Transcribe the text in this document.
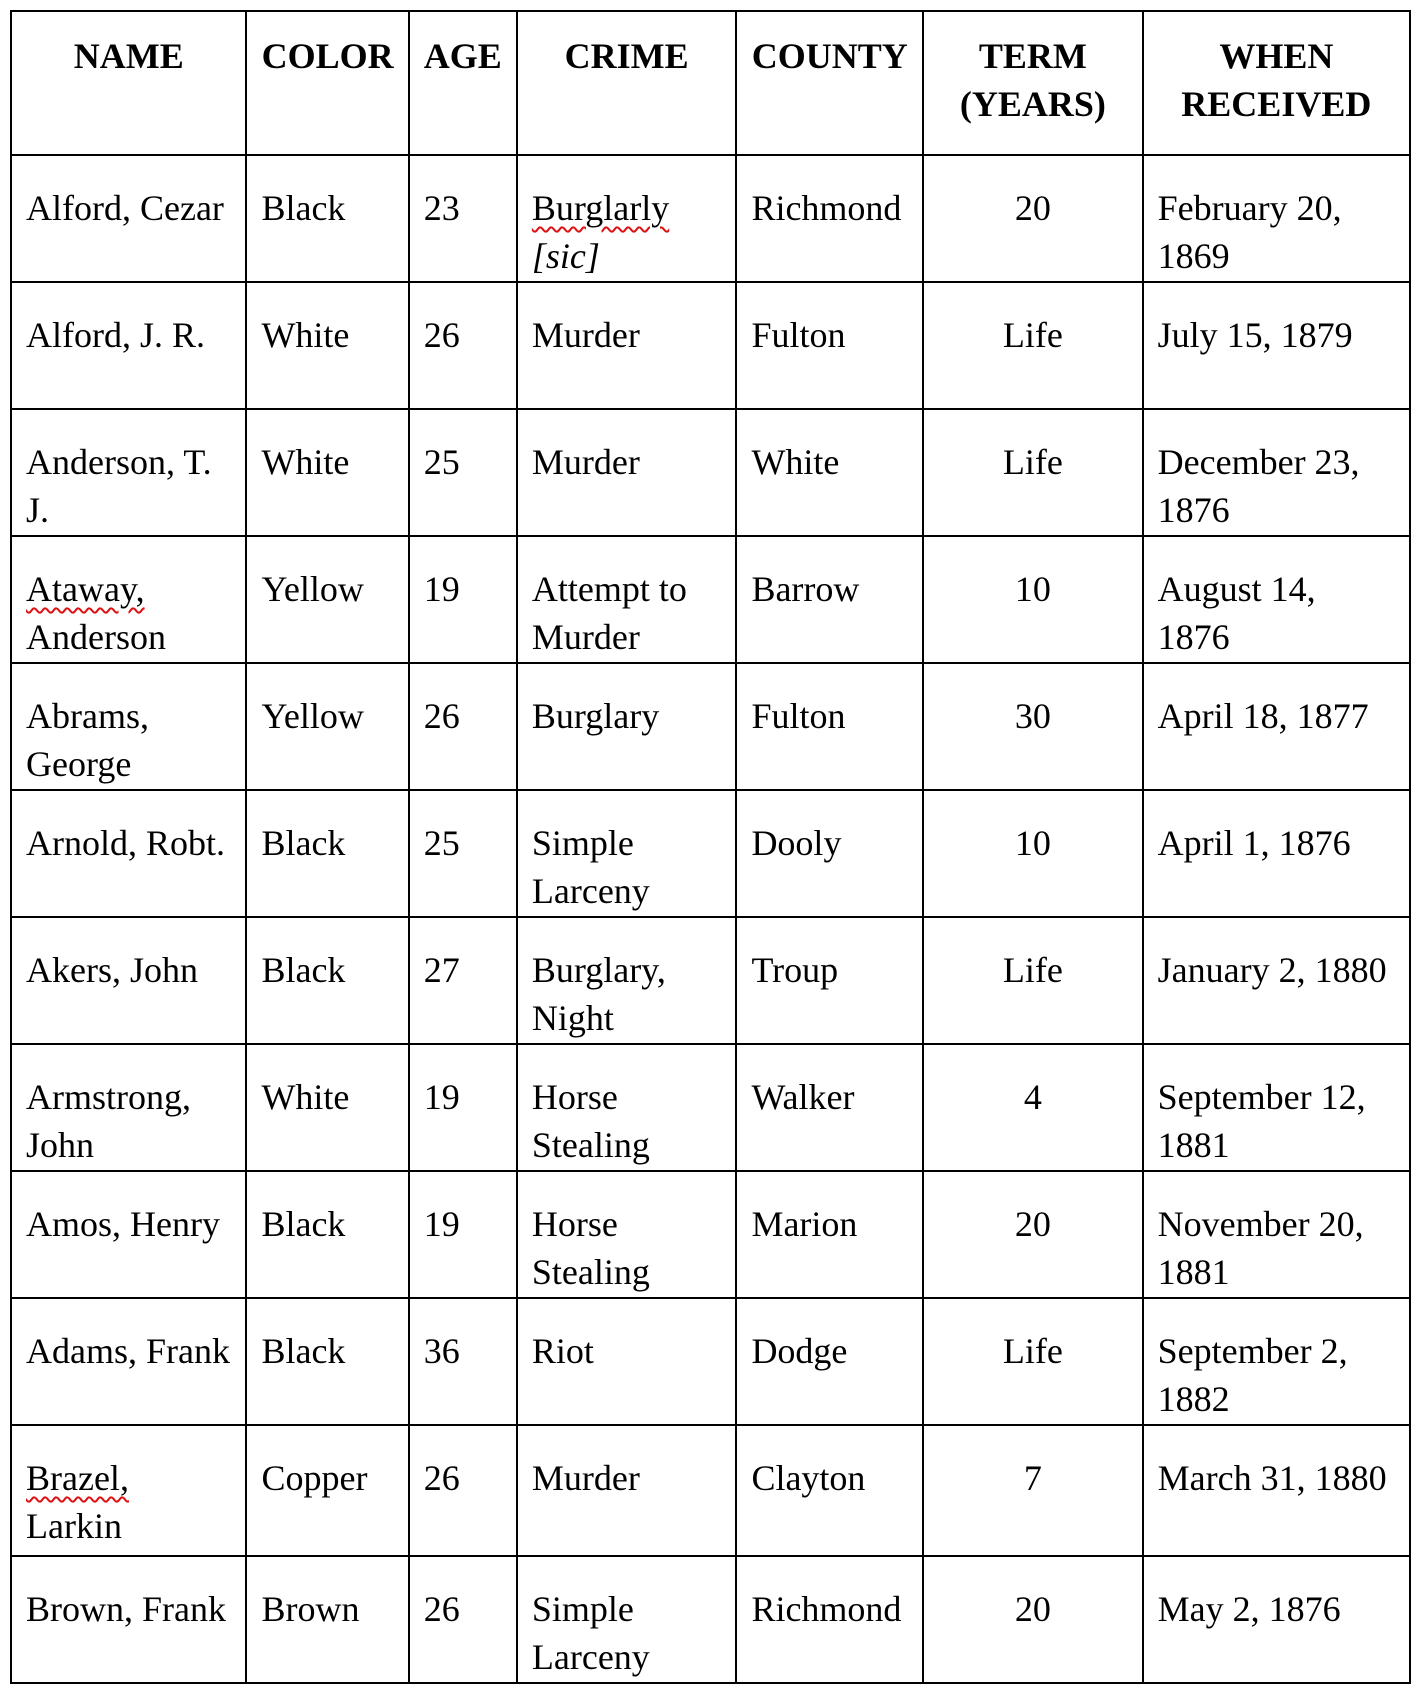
NAME	COLOR	AGE	CRIME	COUNTY	TERM (YEARS)	WHEN RECEIVED
Alford, Cezar	Black	23	Burglarly [sic]	Richmond	20	February 20, 1869
Alford, J. R.	White	26	Murder	Fulton	Life	July 15, 1879
Anderson, T. J.	White	25	Murder	White	Life	December 23, 1876
Ataway, Anderson	Yellow	19	Attempt to Murder	Barrow	10	August 14, 1876
Abrams, George	Yellow	26	Burglary	Fulton	30	April 18, 1877
Arnold, Robt.	Black	25	Simple Larceny	Dooly	10	April 1, 1876
Akers, John	Black	27	Burglary, Night	Troup	Life	January 2, 1880
Armstrong, John	White	19	Horse Stealing	Walker	4	September 12, 1881
Amos, Henry	Black	19	Horse Stealing	Marion	20	November 20, 1881
Adams, Frank	Black	36	Riot	Dodge	Life	September 2, 1882
Brazel, Larkin	Copper	26	Murder	Clayton	7	March 31, 1880
Brown, Frank	Brown	26	Simple Larceny	Richmond	20	May 2, 1876
